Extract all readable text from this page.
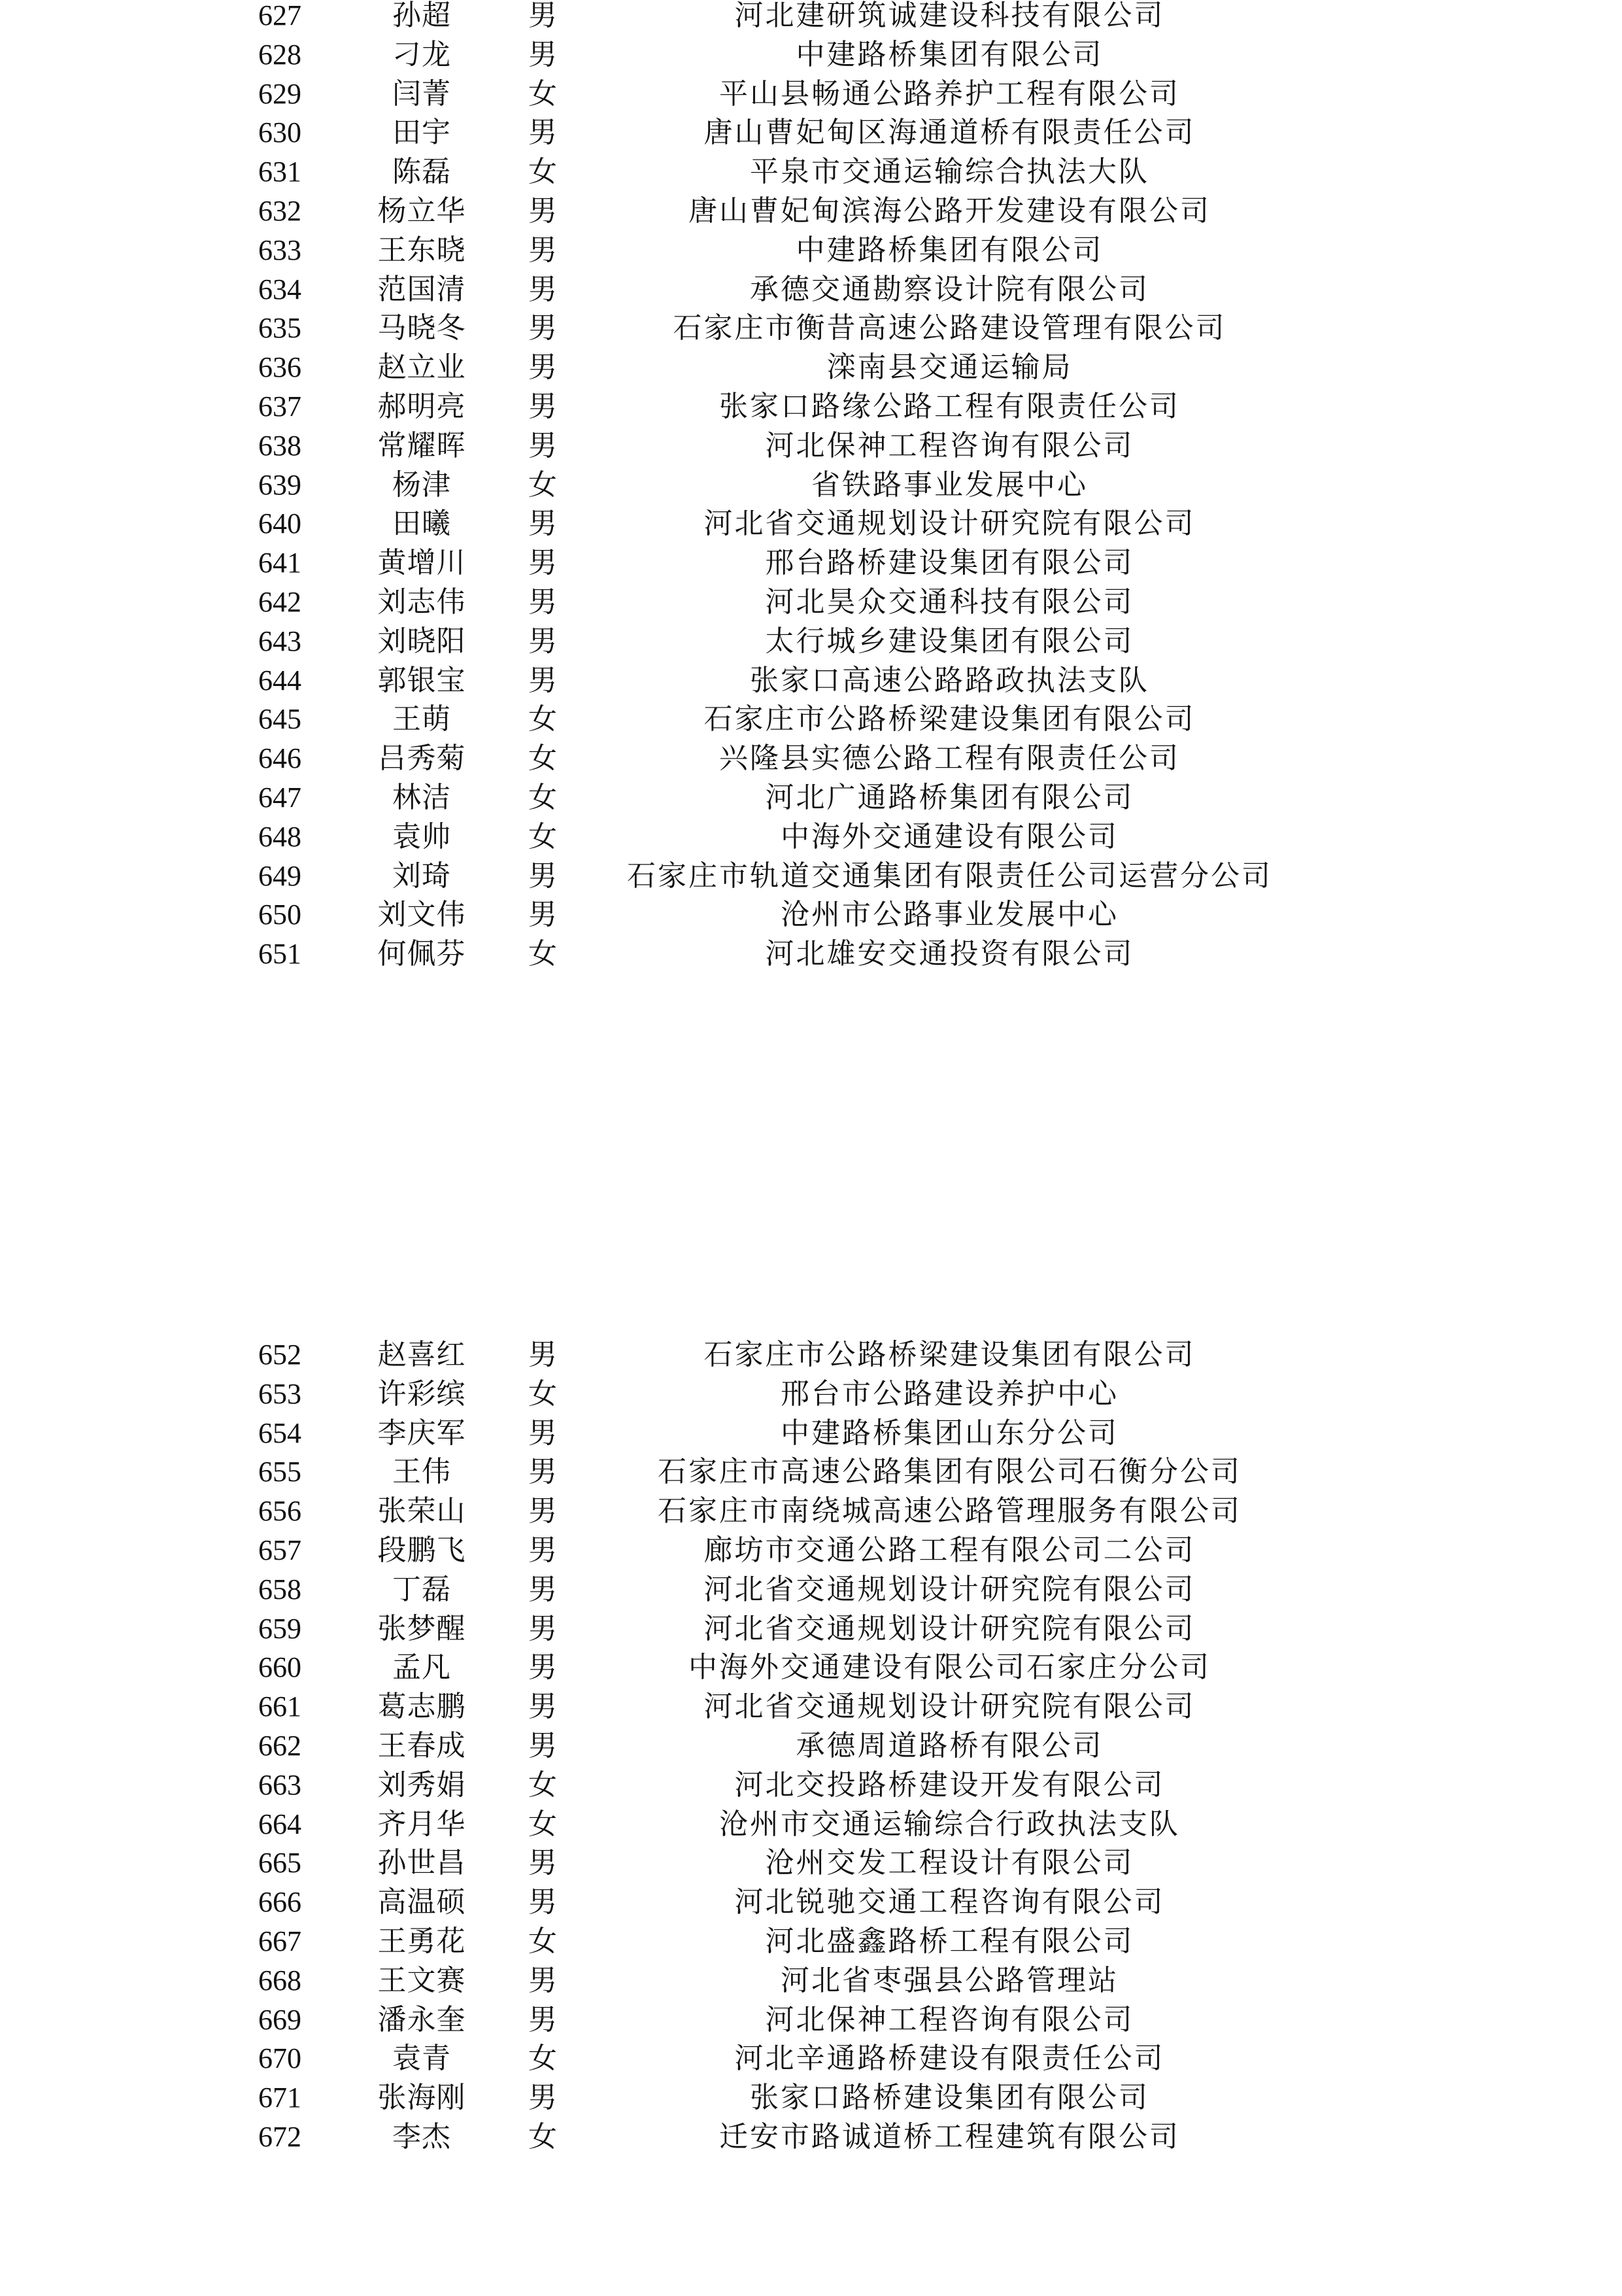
627	孙超	男	河北建研筑诚建设科技有限公司
628	刁龙	男	中建路桥集团有限公司
629	闫菁	女	平山县畅通公路养护工程有限公司
630	田宇	男	唐山曹妃甸区海通道桥有限责任公司
631	陈磊	女	平泉市交通运输综合执法大队
632	杨立华	男	唐山曹妃甸滨海公路开发建设有限公司
633	王东晓	男	中建路桥集团有限公司
634	范国清	男	承德交通勘察设计院有限公司
635	马晓冬	男	石家庄市衡昔高速公路建设管理有限公司
636	赵立业	男	滦南县交通运输局
637	郝明亮	男	张家口路缘公路工程有限责任公司
638	常耀晖	男	河北保神工程咨询有限公司
639	杨津	女	省铁路事业发展中心
640	田曦	男	河北省交通规划设计研究院有限公司
641	黄增川	男	邢台路桥建设集团有限公司
642	刘志伟	男	河北昊众交通科技有限公司
643	刘晓阳	男	太行城乡建设集团有限公司
644	郭银宝	男	张家口高速公路路政执法支队
645	王萌	女	石家庄市公路桥梁建设集团有限公司
646	吕秀菊	女	兴隆县实德公路工程有限责任公司
647	林洁	女	河北广通路桥集团有限公司
648	袁帅	女	中海外交通建设有限公司
649	刘琦	男	石家庄市轨道交通集团有限责任公司运营分公司
650	刘文伟	男	沧州市公路事业发展中心
651	何佩芬	女	河北雄安交通投资有限公司
652	赵喜红	男	石家庄市公路桥梁建设集团有限公司
653	许彩缤	女	邢台市公路建设养护中心
654	李庆军	男	中建路桥集团山东分公司
655	王伟	男	石家庄市高速公路集团有限公司石衡分公司
656	张荣山	男	石家庄市南绕城高速公路管理服务有限公司
657	段鹏飞	男	廊坊市交通公路工程有限公司二公司
658	丁磊	男	河北省交通规划设计研究院有限公司
659	张梦醒	男	河北省交通规划设计研究院有限公司
660	孟凡	男	中海外交通建设有限公司石家庄分公司
661	葛志鹏	男	河北省交通规划设计研究院有限公司
662	王春成	男	承德周道路桥有限公司
663	刘秀娟	女	河北交投路桥建设开发有限公司
664	齐月华	女	沧州市交通运输综合行政执法支队
665	孙世昌	男	沧州交发工程设计有限公司
666	高温硕	男	河北锐驰交通工程咨询有限公司
667	王勇花	女	河北盛鑫路桥工程有限公司
668	王文赛	男	河北省枣强县公路管理站
669	潘永奎	男	河北保神工程咨询有限公司
670	袁青	女	河北辛通路桥建设有限责任公司
671	张海刚	男	张家口路桥建设集团有限公司
672	李杰	女	迁安市路诚道桥工程建筑有限公司
